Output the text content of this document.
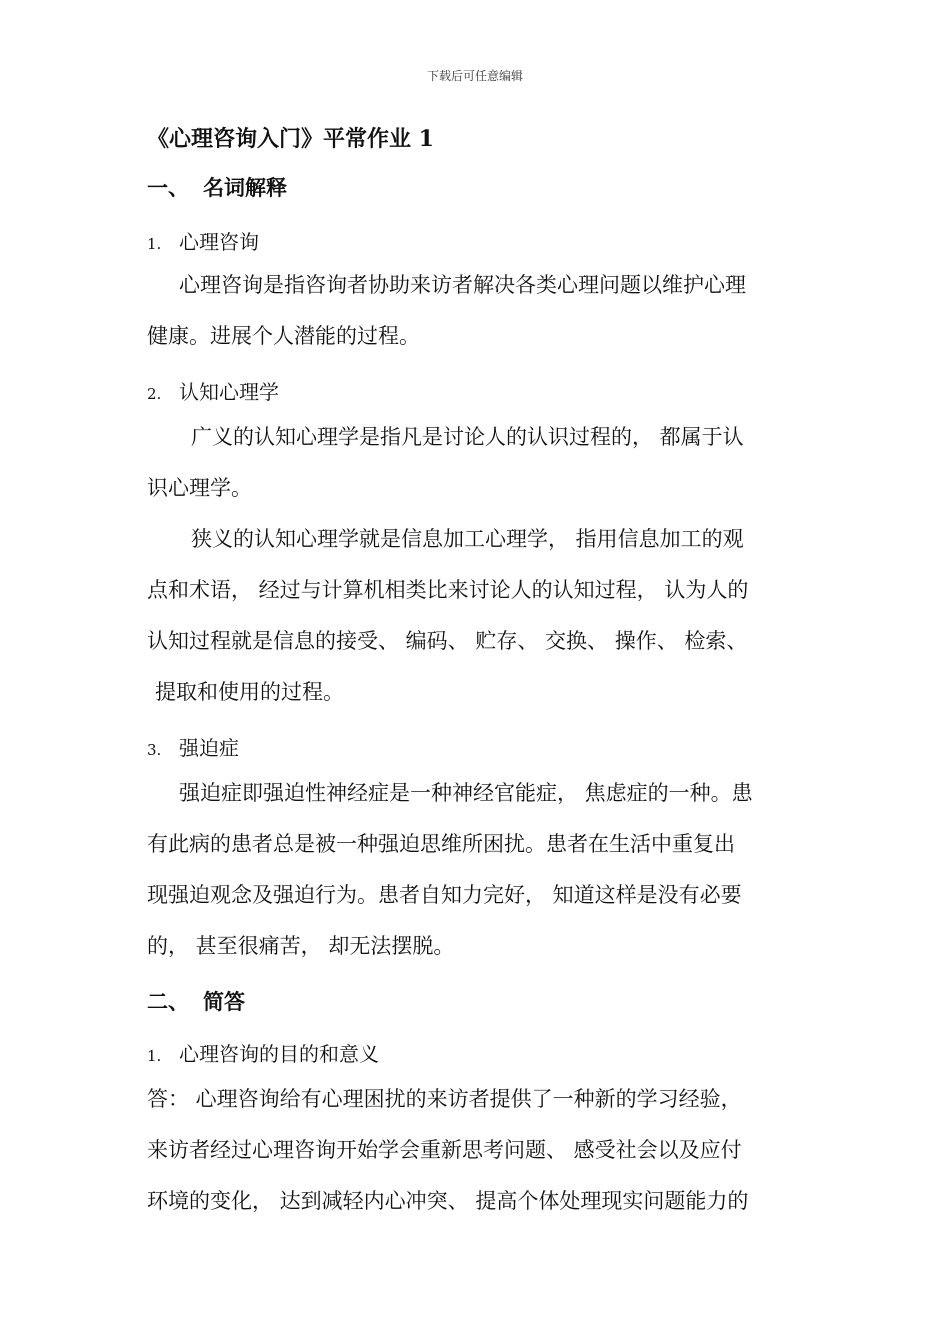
下载后可任意编辑
《心理咨询入门》平常作业 1
一、 名词解释
1. 心理咨询
心理咨询是指咨询者协助来访者解决各类心理问题以维护心理
健康。进展个人潜能的过程。
2. 认知心理学
广义的认知心理学是指凡是讨论人的认识过程的， 都属于认
识心理学。
狭义的认知心理学就是信息加工心理学， 指用信息加工的观
点和术语， 经过与计算机相类比来讨论人的认知过程， 认为人的
认知过程就是信息的接受、 编码、 贮存、 交换、 操作、 检索、
提取和使用的过程。
3. 强迫症
强迫症即强迫性神经症是一种神经官能症， 焦虑症的一种。患
有此病的患者总是被一种强迫思维所困扰。患者在生活中重复出
现强迫观念及强迫行为。患者自知力完好， 知道这样是没有必要
的， 甚至很痛苦， 却无法摆脱。
二、 简答
1. 心理咨询的目的和意义
答： 心理咨询给有心理困扰的来访者提供了一种新的学习经验，
来访者经过心理咨询开始学会重新思考问题、 感受社会以及应付
环境的变化， 达到减轻内心冲突、 提高个体处理现实问题能力的
